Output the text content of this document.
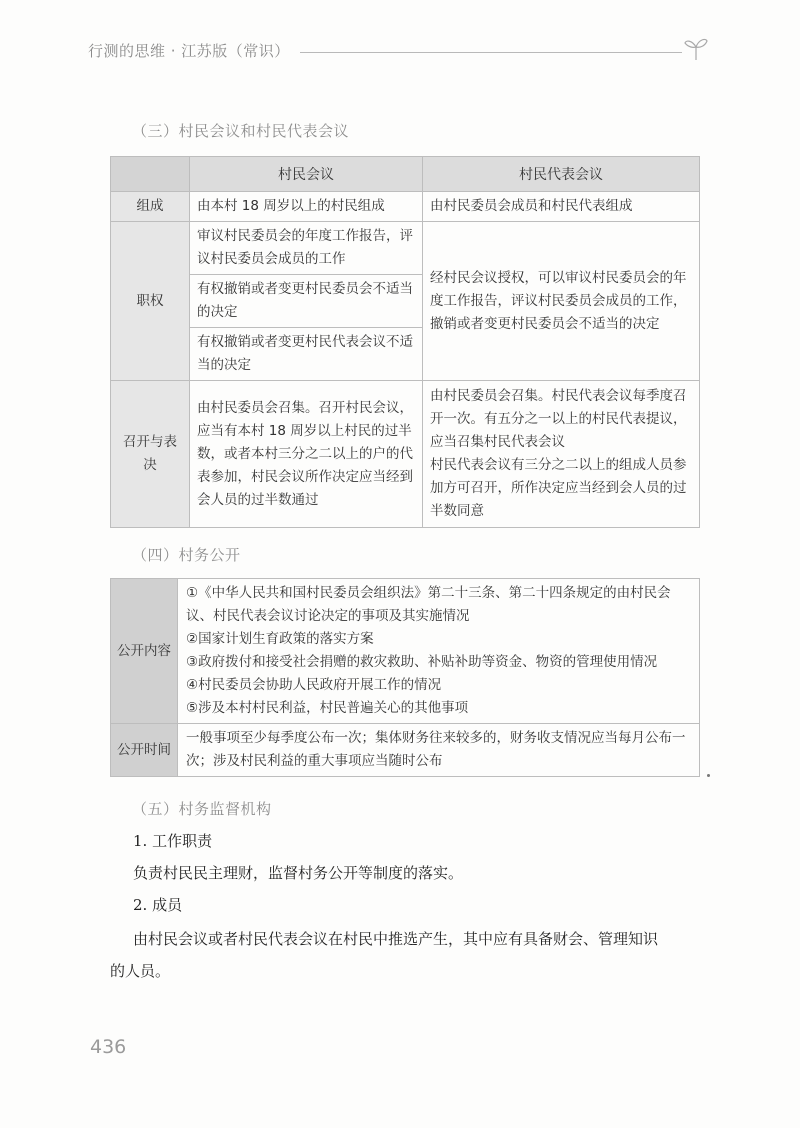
行测的思维 · 江苏版（常识）
（三）村民会议和村民代表会议
	村民会议	村民代表会议
组成	由本村 18 周岁以上的村民组成	由村民委员会成员和村民代表组成
职权	审议村民委员会的年度工作报告，评议村民委员会成员的工作	经村民会议授权，可以审议村民委员会的年度工作报告，评议村民委员会成员的工作，撤销或者变更村民委员会不适当的决定
	有权撤销或者变更村民委员会不适当的决定	
	有权撤销或者变更村民代表会议不适当的决定	
召开与表决	由村民委员会召集。召开村民会议，应当有本村 18 周岁以上村民的过半数，或者本村三分之二以上的户的代表参加，村民会议所作决定应当经到会人员的过半数通过	由村民委员会召集。村民代表会议每季度召开一次。有五分之一以上的村民代表提议，应当召集村民代表会议
村民代表会议有三分之二以上的组成人员参加方可召开，所作决定应当经到会人员的过半数同意
（四）村务公开
公开内容	①《中华人民共和国村民委员会组织法》第二十三条、第二十四条规定的由村民会议、村民代表会议讨论决定的事项及其实施情况
②国家计划生育政策的落实方案
③政府拨付和接受社会捐赠的救灾救助、补贴补助等资金、物资的管理使用情况
④村民委员会协助人民政府开展工作的情况
⑤涉及本村村民利益，村民普遍关心的其他事项

公开时间	一般事项至少每季度公布一次；集体财务往来较多的，财务收支情况应当每月公布一次；涉及村民利益的重大事项应当随时公布
（五）村务监督机构
1. 工作职责
负责村民民主理财，监督村务公开等制度的落实。
2. 成员
由村民会议或者村民代表会议在村民中推选产生，其中应有具备财会、管理知识
的人员。
436
